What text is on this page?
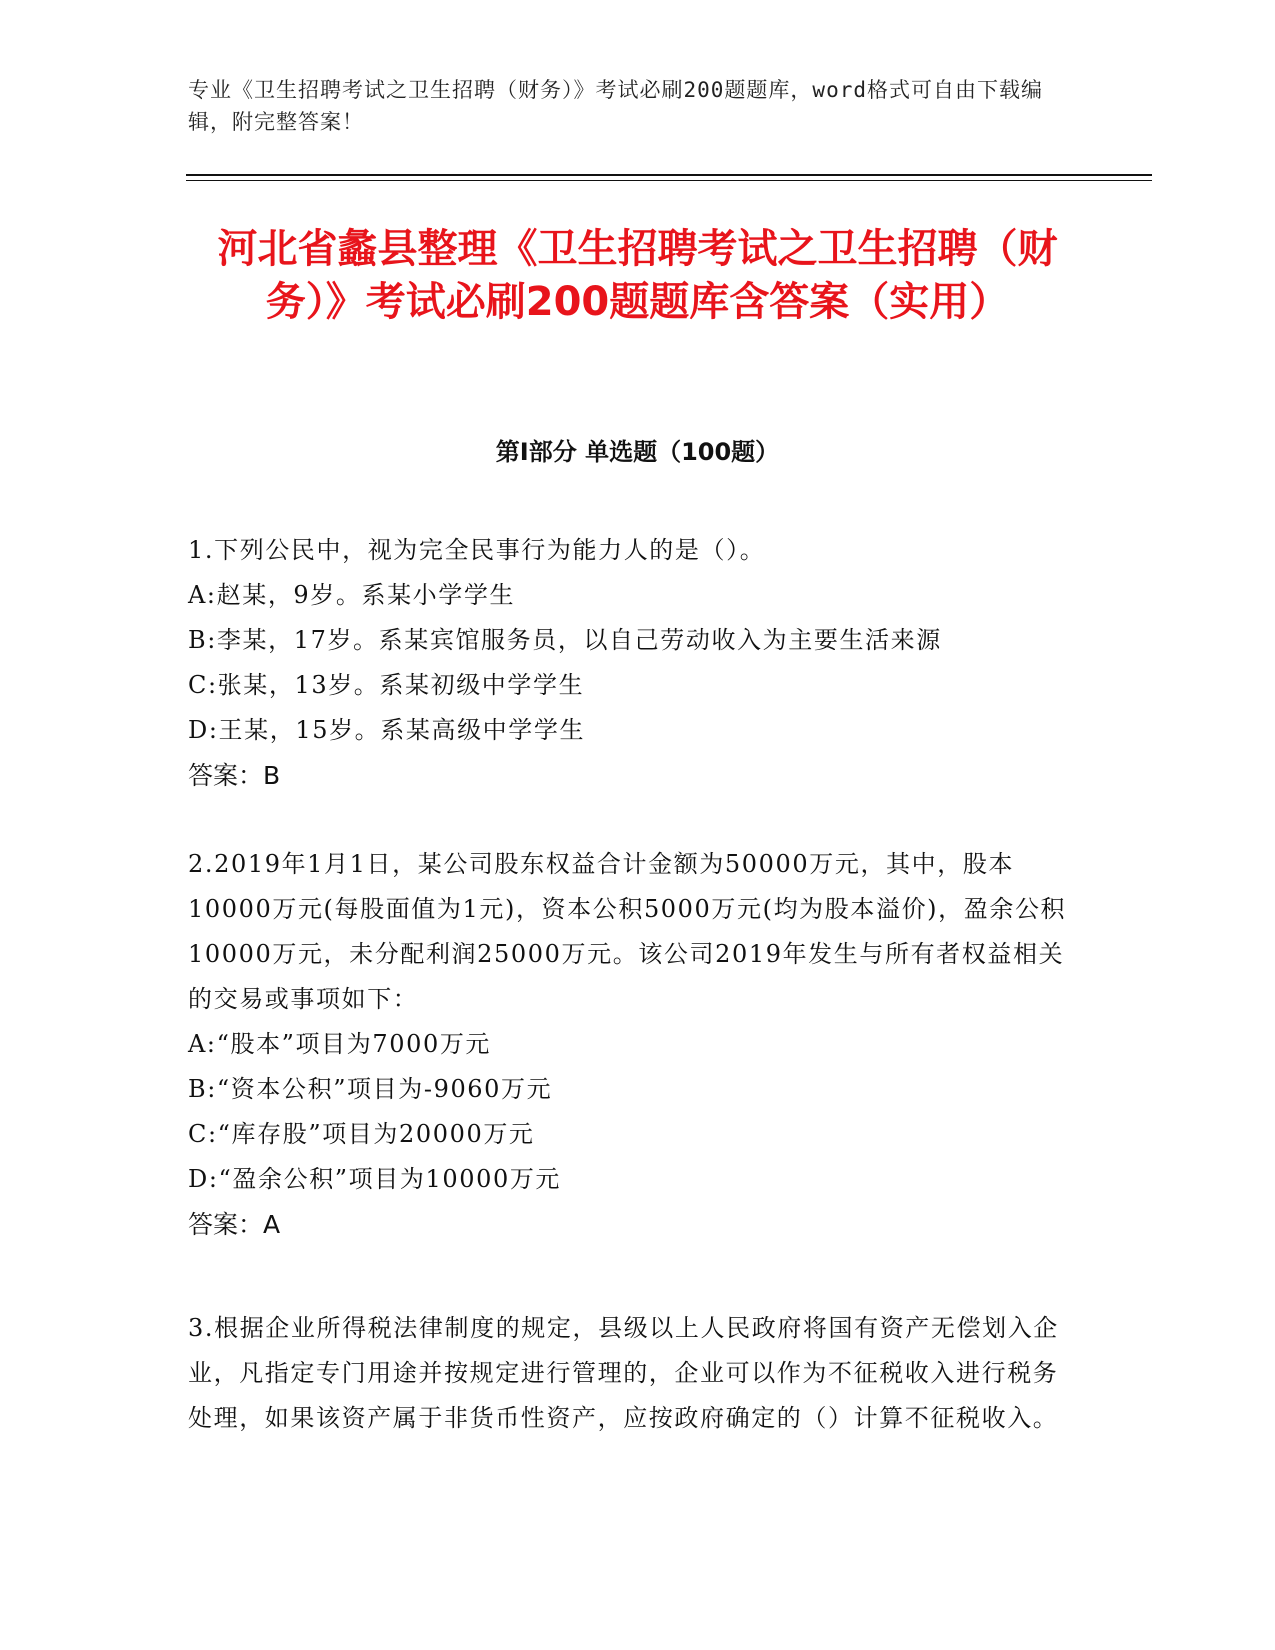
专业《卫生招聘考试之卫生招聘（财务）》考试必刷200题题库，word格式可自由下载编辑，附完整答案！

河北省蠡县整理《卫生招聘考试之卫生招聘（财务）》考试必刷200题题库含答案（实用）
第Ⅰ部分 单选题（100题）

1.下列公民中，视为完全民事行为能力人的是（）。

A:赵某，9岁。系某小学学生

B:李某，17岁。系某宾馆服务员，以自己劳动收入为主要生活来源

C:张某，13岁。系某初级中学学生

D:王某，15岁。系某高级中学学生

答案：B

2.2019年1月1日，某公司股东权益合计金额为50000万元，其中，股本10000万元(每股面值为1元)，资本公积5000万元(均为股本溢价)，盈余公积10000万元，未分配利润25000万元。该公司2019年发生与所有者权益相关的交易或事项如下：

A:“股本”项目为7000万元

B:“资本公积”项目为-9060万元

C:“库存股”项目为20000万元

D:“盈余公积”项目为10000万元

答案：A

3.根据企业所得税法律制度的规定，县级以上人民政府将国有资产无偿划入企业，凡指定专门用途并按规定进行管理的，企业可以作为不征税收入进行税务处理，如果该资产属于非货币性资产，应按政府确定的（）计算不征税收入。
